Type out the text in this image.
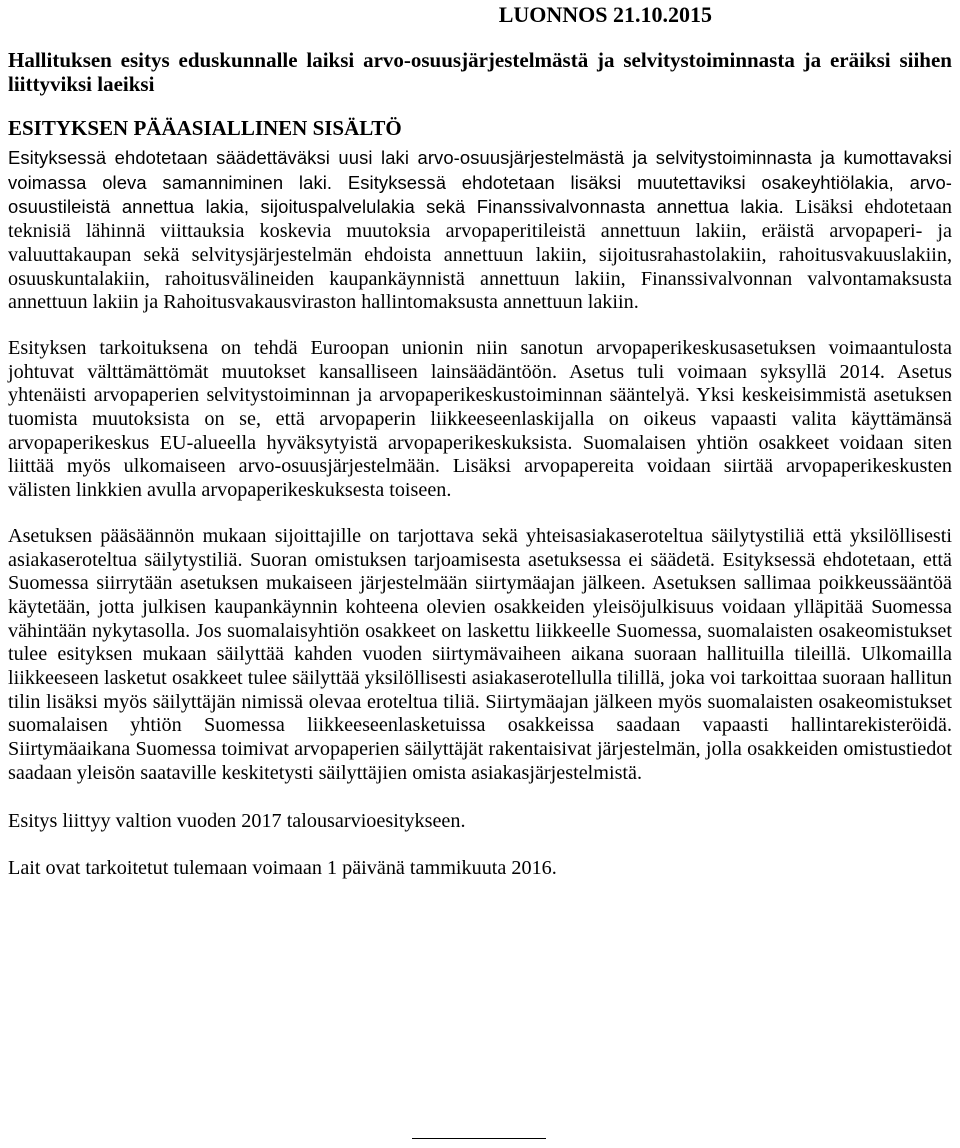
LUONNOS 21.10.2015
Hallituksen esitys eduskunnalle laiksi arvo-osuusjärjestelmästä ja selvitystoiminnasta ja eräiksi siihen liittyviksi laeiksi
ESITYKSEN PÄÄASIALLINEN SISÄLTÖ

Esityksessä ehdotetaan säädettäväksi uusi laki arvo-osuusjärjestelmästä ja selvitystoiminnasta ja kumottavaksi voimassa oleva samanniminen laki. Esityksessä ehdotetaan lisäksi muutettaviksi osakeyhtiölakia, arvo-osuustileistä annettua lakia, sijoituspalvelulakia sekä Finanssivalvonnasta annettua lakia. Lisäksi ehdotetaan teknisiä lähinnä viittauksia koskevia muutoksia arvopaperitileistä annettuun lakiin, eräistä arvopaperi- ja valuuttakaupan sekä selvitysjärjestelmän ehdoista annettuun lakiin, sijoitusrahastolakiin, rahoitusvakuuslakiin, osuuskuntalakiin, rahoitusvälineiden kaupankäynnistä annettuun lakiin, Finanssivalvonnan valvontamaksusta annettuun lakiin ja Rahoitusvakausviraston hallintomaksusta annettuun lakiin.

Esityksen tarkoituksena on tehdä Euroopan unionin niin sanotun arvopaperikeskusasetuksen voimaantulosta johtuvat välttämättömät muutokset kansalliseen lainsäädäntöön. Asetus tuli voimaan syksyllä 2014. Asetus yhtenäisti arvopaperien selvitystoiminnan ja arvopaperikeskustoiminnan sääntelyä. Yksi keskeisimmistä asetuksen tuomista muutoksista on se, että arvopaperin liikkeeseenlaskijalla on oikeus vapaasti valita käyttämänsä arvopaperikeskus EU-alueella hyväksytyistä arvopaperikeskuksista. Suomalaisen yhtiön osakkeet voidaan siten liittää myös ulkomaiseen arvo-osuusjärjestelmään. Lisäksi arvopapereita voidaan siirtää arvopaperikeskusten välisten linkkien avulla arvopaperikeskuksesta toiseen.

Asetuksen pääsäännön mukaan sijoittajille on tarjottava sekä yhteisasiakaseroteltua säilytystiliä että yksilöllisesti asiakaseroteltua säilytystiliä. Suoran omistuksen tarjoamisesta asetuksessa ei säädetä. Esityksessä ehdotetaan, että Suomessa siirrytään asetuksen mukaiseen järjestelmään siirtymäajan jälkeen. Asetuksen sallimaa poikkeussääntöä käytetään, jotta julkisen kaupankäynnin kohteena olevien osakkeiden yleisöjulkisuus voidaan ylläpitää Suomessa vähintään nykytasolla. Jos suomalaisyhtiön osakkeet on laskettu liikkeelle Suomessa, suomalaisten osakeomistukset tulee esityksen mukaan säilyttää kahden vuoden siirtymävaiheen aikana suoraan hallituilla tileillä. Ulkomailla liikkeeseen lasketut osakkeet tulee säilyttää yksilöllisesti asiakaserotellulla tilillä, joka voi tarkoittaa suoraan hallitun tilin lisäksi myös säilyttäjän nimissä olevaa eroteltua tiliä. Siirtymäajan jälkeen myös suomalaisten osakeomistukset suomalaisen yhtiön Suomessa liikkeeseenlasketuissa osakkeissa saadaan vapaasti hallintarekisteröidä. Siirtymäaikana Suomessa toimivat arvopaperien säilyttäjät rakentaisivat järjestelmän, jolla osakkeiden omistustiedot saadaan yleisön saataville keskitetysti säilyttäjien omista asiakasjärjestelmistä.

Esitys liittyy valtion vuoden 2017 talousarvioesitykseen.

Lait ovat tarkoitetut tulemaan voimaan 1 päivänä tammikuuta 2016.
